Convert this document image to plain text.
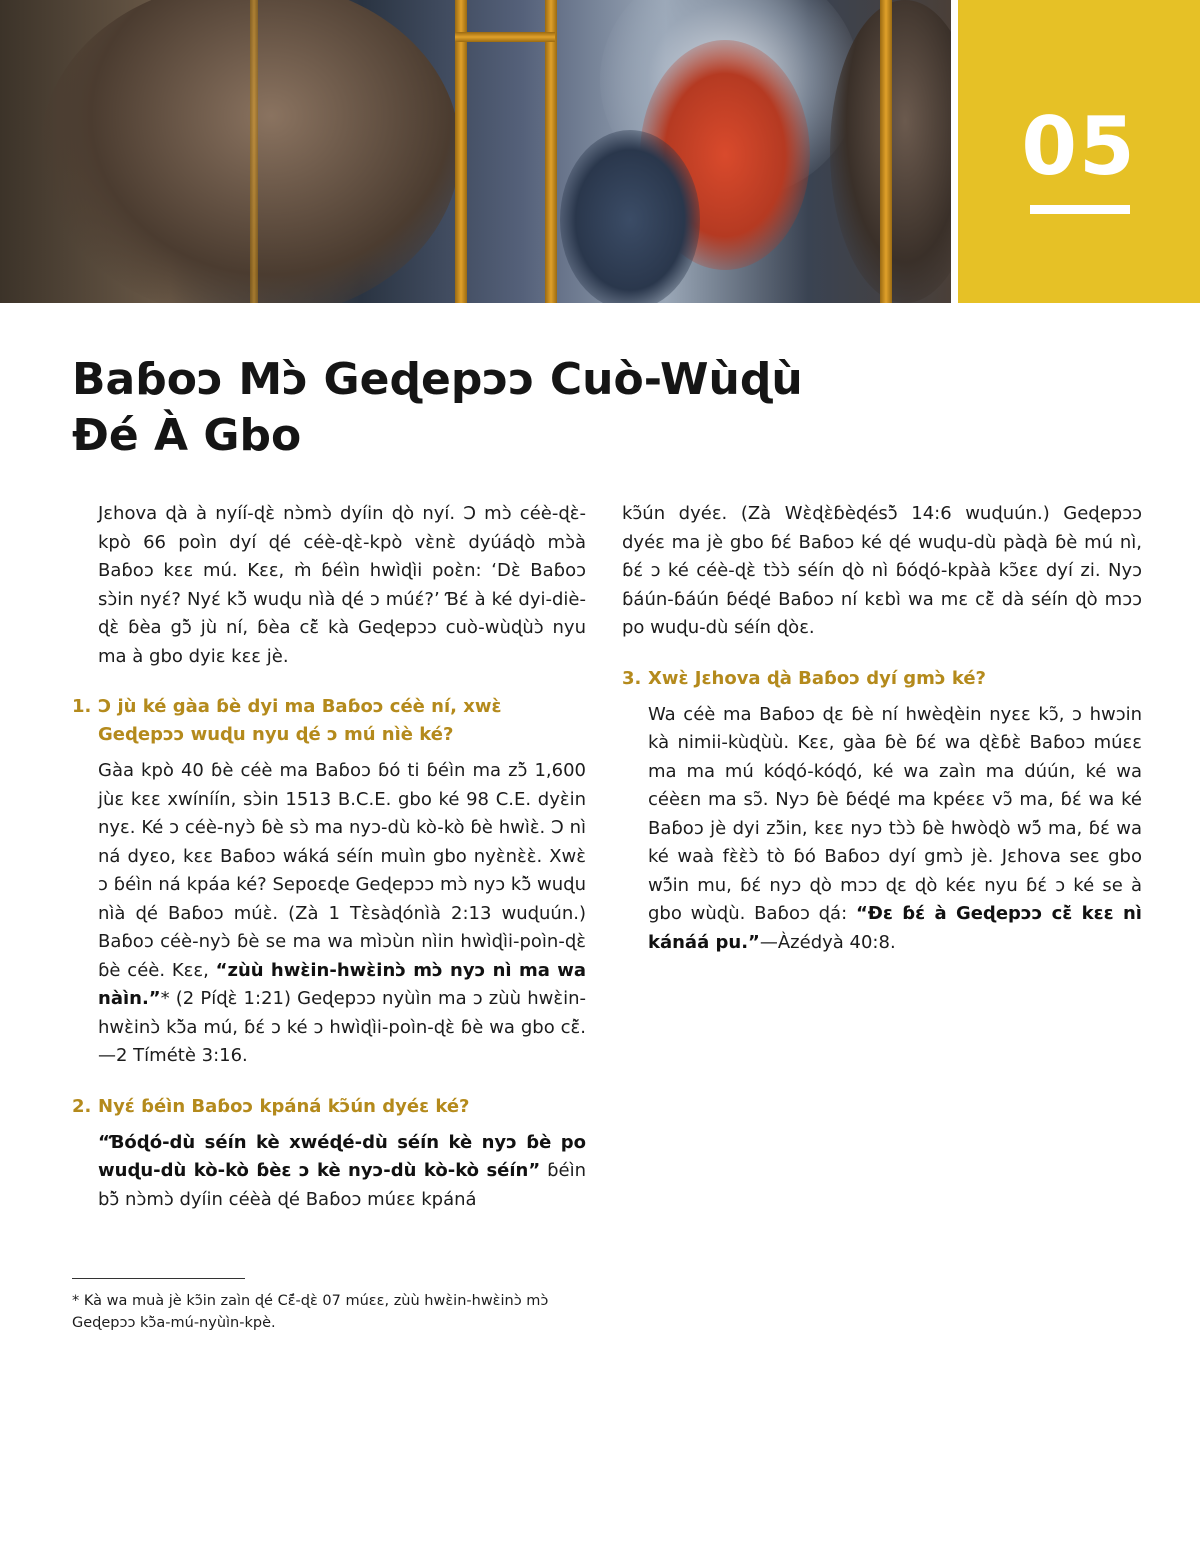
05
Baɓoɔ Mɔ̀ Geɖepɔɔ Cuò-Wùɖù
Ɖé À Gbo

Jɛhova ɖà à nyíí-ɖɛ̀ nɔ̀mɔ̀ dyíin ɖò nyí. Ɔ mɔ̀ céè-ɖɛ̀-kpò 66 poìn dyí ɖé céè-ɖɛ̀-kpò vɛ̀nɛ̀ dyúáɖò mɔ̀à Baɓoɔ kɛɛ mú. Kɛɛ, m̀ ɓéìn hwìɖìi poɛ̀n: ‘Dɛ̀ Baɓoɔ sɔ̀in nyɛ́? Nyɛ́ kɔ̃̀ wuɖu nìà ɖé ɔ múɛ́?’ Ɓɛ́ à ké dyi-diè-ɖɛ̀ ɓèa gɔ̃̀ jù ní, ɓèa cɛ̃̀ kà Geɖepɔɔ cuò-wùɖùɔ̀ nyu ma à gbo dyiɛ kɛɛ jè.

1. Ɔ jù ké gàa ɓè dyi ma Baɓoɔ céè ní, xwɛ̀ Geɖepɔɔ wuɖu nyu ɖé ɔ mú nìè ké?

Gàa kpò 40 ɓè céè ma Baɓoɔ ɓó ti ɓéìn ma zɔ̃̀ 1,600 jùɛ kɛɛ xwíníín, sɔ̀in 1513 B.C.E. gbo ké 98 C.E. dyɛ̀in nyɛ. Ké ɔ céè-nyɔ̀ ɓè sɔ̀ ma nyɔ-dù kò-kò ɓè hwìɛ̀. Ɔ nì ná dyɛo, kɛɛ Baɓoɔ wáká séín muìn gbo nyɛ̀nɛ̀ɛ̀. Xwɛ̀ ɔ ɓéìn ná kpáa ké? Sepoɛɖe Geɖepɔɔ mɔ̀ nyɔ kɔ̃̀ wuɖu nìà ɖé Baɓoɔ múɛ̀. (Zà 1 Tɛ̀sàɖónìà 2:13 wuɖuún.) Baɓoɔ céè-nyɔ̀ ɓè se ma wa mìɔùn nìin hwìɖìi-poìn-ɖɛ̀ ɓè céè. Kɛɛ, “zùù hwɛ̀in-hwɛ̀inɔ̀ mɔ̀ nyɔ nì ma wa nàìn.”* (2 Píɖɛ̀ 1:21) Geɖepɔɔ nyùìn ma ɔ zùù hwɛ̀in-hwɛ̀inɔ̀ kɔ̃̀a mú, ɓɛ́ ɔ ké ɔ hwìɖìi-poìn-ɖɛ̀ ɓè wa gbo cɛ̃̀.—2 Tímétè 3:16.

2. Nyɛ́ ɓéìn Baɓoɔ kpáná kɔ̃ún dyéɛ ké?

“Ɓóɖó-dù séín kè xwéɖé-dù séín kè nyɔ ɓè po wuɖu-dù kò-kò ɓèɛ ɔ kè nyɔ-dù kò-kò séín” ɓéìn bɔ̃̀ nɔ̀mɔ̀ dyíin céèà ɖé Baɓoɔ múɛɛ kpáná

* Kà wa muà jè kɔ̃in zaìn ɖé Cɛ̃́-ɖɛ̀ 07 múɛɛ, zùù hwɛ̀in-hwɛ̀inɔ̀ mɔ̀ Geɖepɔɔ kɔ̃̀a-mú-nyùìn-kpè.

kɔ̃ún dyéɛ. (Zà Wɛ̀ɖɛ̀ɓèɖésɔ̃̀ 14:6 wuɖuún.) Geɖepɔɔ dyéɛ ma jè gbo ɓɛ́ Baɓoɔ ké ɖé wuɖu-dù pàɖà ɓè mú nì, ɓɛ́ ɔ ké céè-ɖɛ̀ tɔ̀ɔ̀ séín ɖò nì ɓóɖó-kpàà kɔ̃ɛɛ dyí zi. Nyɔ ɓáún-ɓáún ɓéɖé Baɓoɔ ní kɛbì wa mɛ cɛ̃̀ dà séín ɖò mɔɔ po wuɖu-dù séín ɖòɛ.

3. Xwɛ̀ Jɛhova ɖà Baɓoɔ dyí gmɔ̀ ké?

Wa céè ma Baɓoɔ ɖɛ ɓè ní hwèɖèin nyɛɛ kɔ̃, ɔ hwɔin kà nimii-kùɖùù. Kɛɛ, gàa ɓè ɓɛ́ wa ɖɛ̀ɓɛ̀ Baɓoɔ múɛɛ ma ma mú kóɖó-kóɖó, ké wa zaìn ma dúún, ké wa céèɛn ma sɔ̃. Nyɔ ɓè ɓéɖé ma kpéɛɛ vɔ̃ ma, ɓɛ́ wa ké Baɓoɔ jè dyi zɔ̃̀in, kɛɛ nyɔ tɔ̀ɔ̀ ɓè hwòɖò wɔ̃́ ma, ɓɛ́ wa ké waà fɛ̀ɛ̀ɔ̀ tò ɓó Baɓoɔ dyí gmɔ̀ jè. Jɛhova seɛ gbo wɔ̃́in mu, ɓɛ́ nyɔ ɖò mɔɔ ɖɛ ɖò kéɛ nyu ɓɛ́ ɔ ké se à gbo wùɖù. Baɓoɔ ɖá: “Ɖɛ ɓɛ́ à Geɖepɔɔ cɛ̃̀ kɛɛ nì kánáá pu.”—Àzédyà 40:8.
